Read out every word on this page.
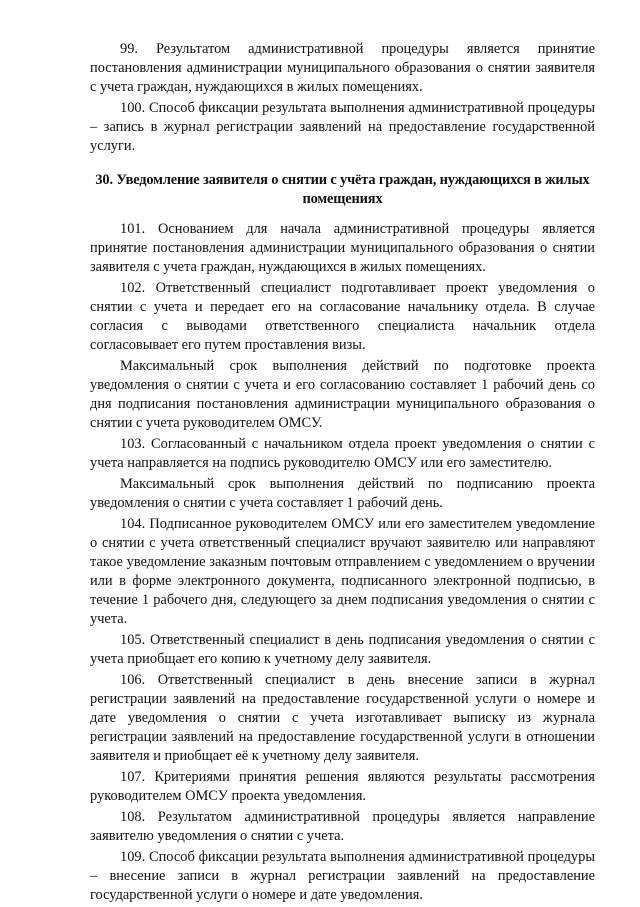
99. Результатом административной процедуры является принятие постановления администрации муниципального образования о снятии заявителя с учета граждан, нуждающихся в жилых помещениях.

100. Способ фиксации результата выполнения административной процедуры – запись в журнал регистрации заявлений на предоставление государственной услуги.

30. Уведомление заявителя о снятии с учёта граждан, нуждающихся в жилых помещениях

101. Основанием для начала административной процедуры является принятие постановления администрации муниципального образования о снятии заявителя с учета граждан, нуждающихся в жилых помещениях.

102. Ответственный специалист подготавливает проект уведомления о снятии с учета и передает его на согласование начальнику отдела. В случае согласия с выводами ответственного специалиста начальник отдела согласовывает его путем проставления визы.

Максимальный срок выполнения действий по подготовке проекта уведомления о снятии с учета и его согласованию составляет 1 рабочий день со дня подписания постановления администрации муниципального образования о снятии с учета руководителем ОМСУ.

103. Согласованный с начальником отдела проект уведомления о снятии с учета направляется на подпись руководителю ОМСУ или его заместителю.

Максимальный срок выполнения действий по подписанию проекта уведомления о снятии с учета составляет 1 рабочий день.

104. Подписанное руководителем ОМСУ или его заместителем уведомление о снятии с учета ответственный специалист вручают заявителю или направляют такое уведомление заказным почтовым отправлением с уведомлением о вручении или в форме электронного документа, подписанного электронной подписью, в течение 1 рабочего дня, следующего за днем подписания уведомления о снятии с учета.

105. Ответственный специалист в день подписания уведомления о снятии с учета приобщает его копию к учетному делу заявителя.

106. Ответственный специалист в день внесение записи в журнал регистрации заявлений на предоставление государственной услуги о номере и дате уведомления о снятии с учета изготавливает выписку из журнала регистрации заявлений на предоставление государственной услуги в отношении заявителя и приобщает её к учетному делу заявителя.

107. Критериями принятия решения являются результаты рассмотрения руководителем ОМСУ проекта уведомления.

108. Результатом административной процедуры является направление заявителю уведомления о снятии с учета.

109. Способ фиксации результата выполнения административной процедуры – внесение записи в журнал регистрации заявлений на предоставление государственной услуги о номере и дате уведомления.
